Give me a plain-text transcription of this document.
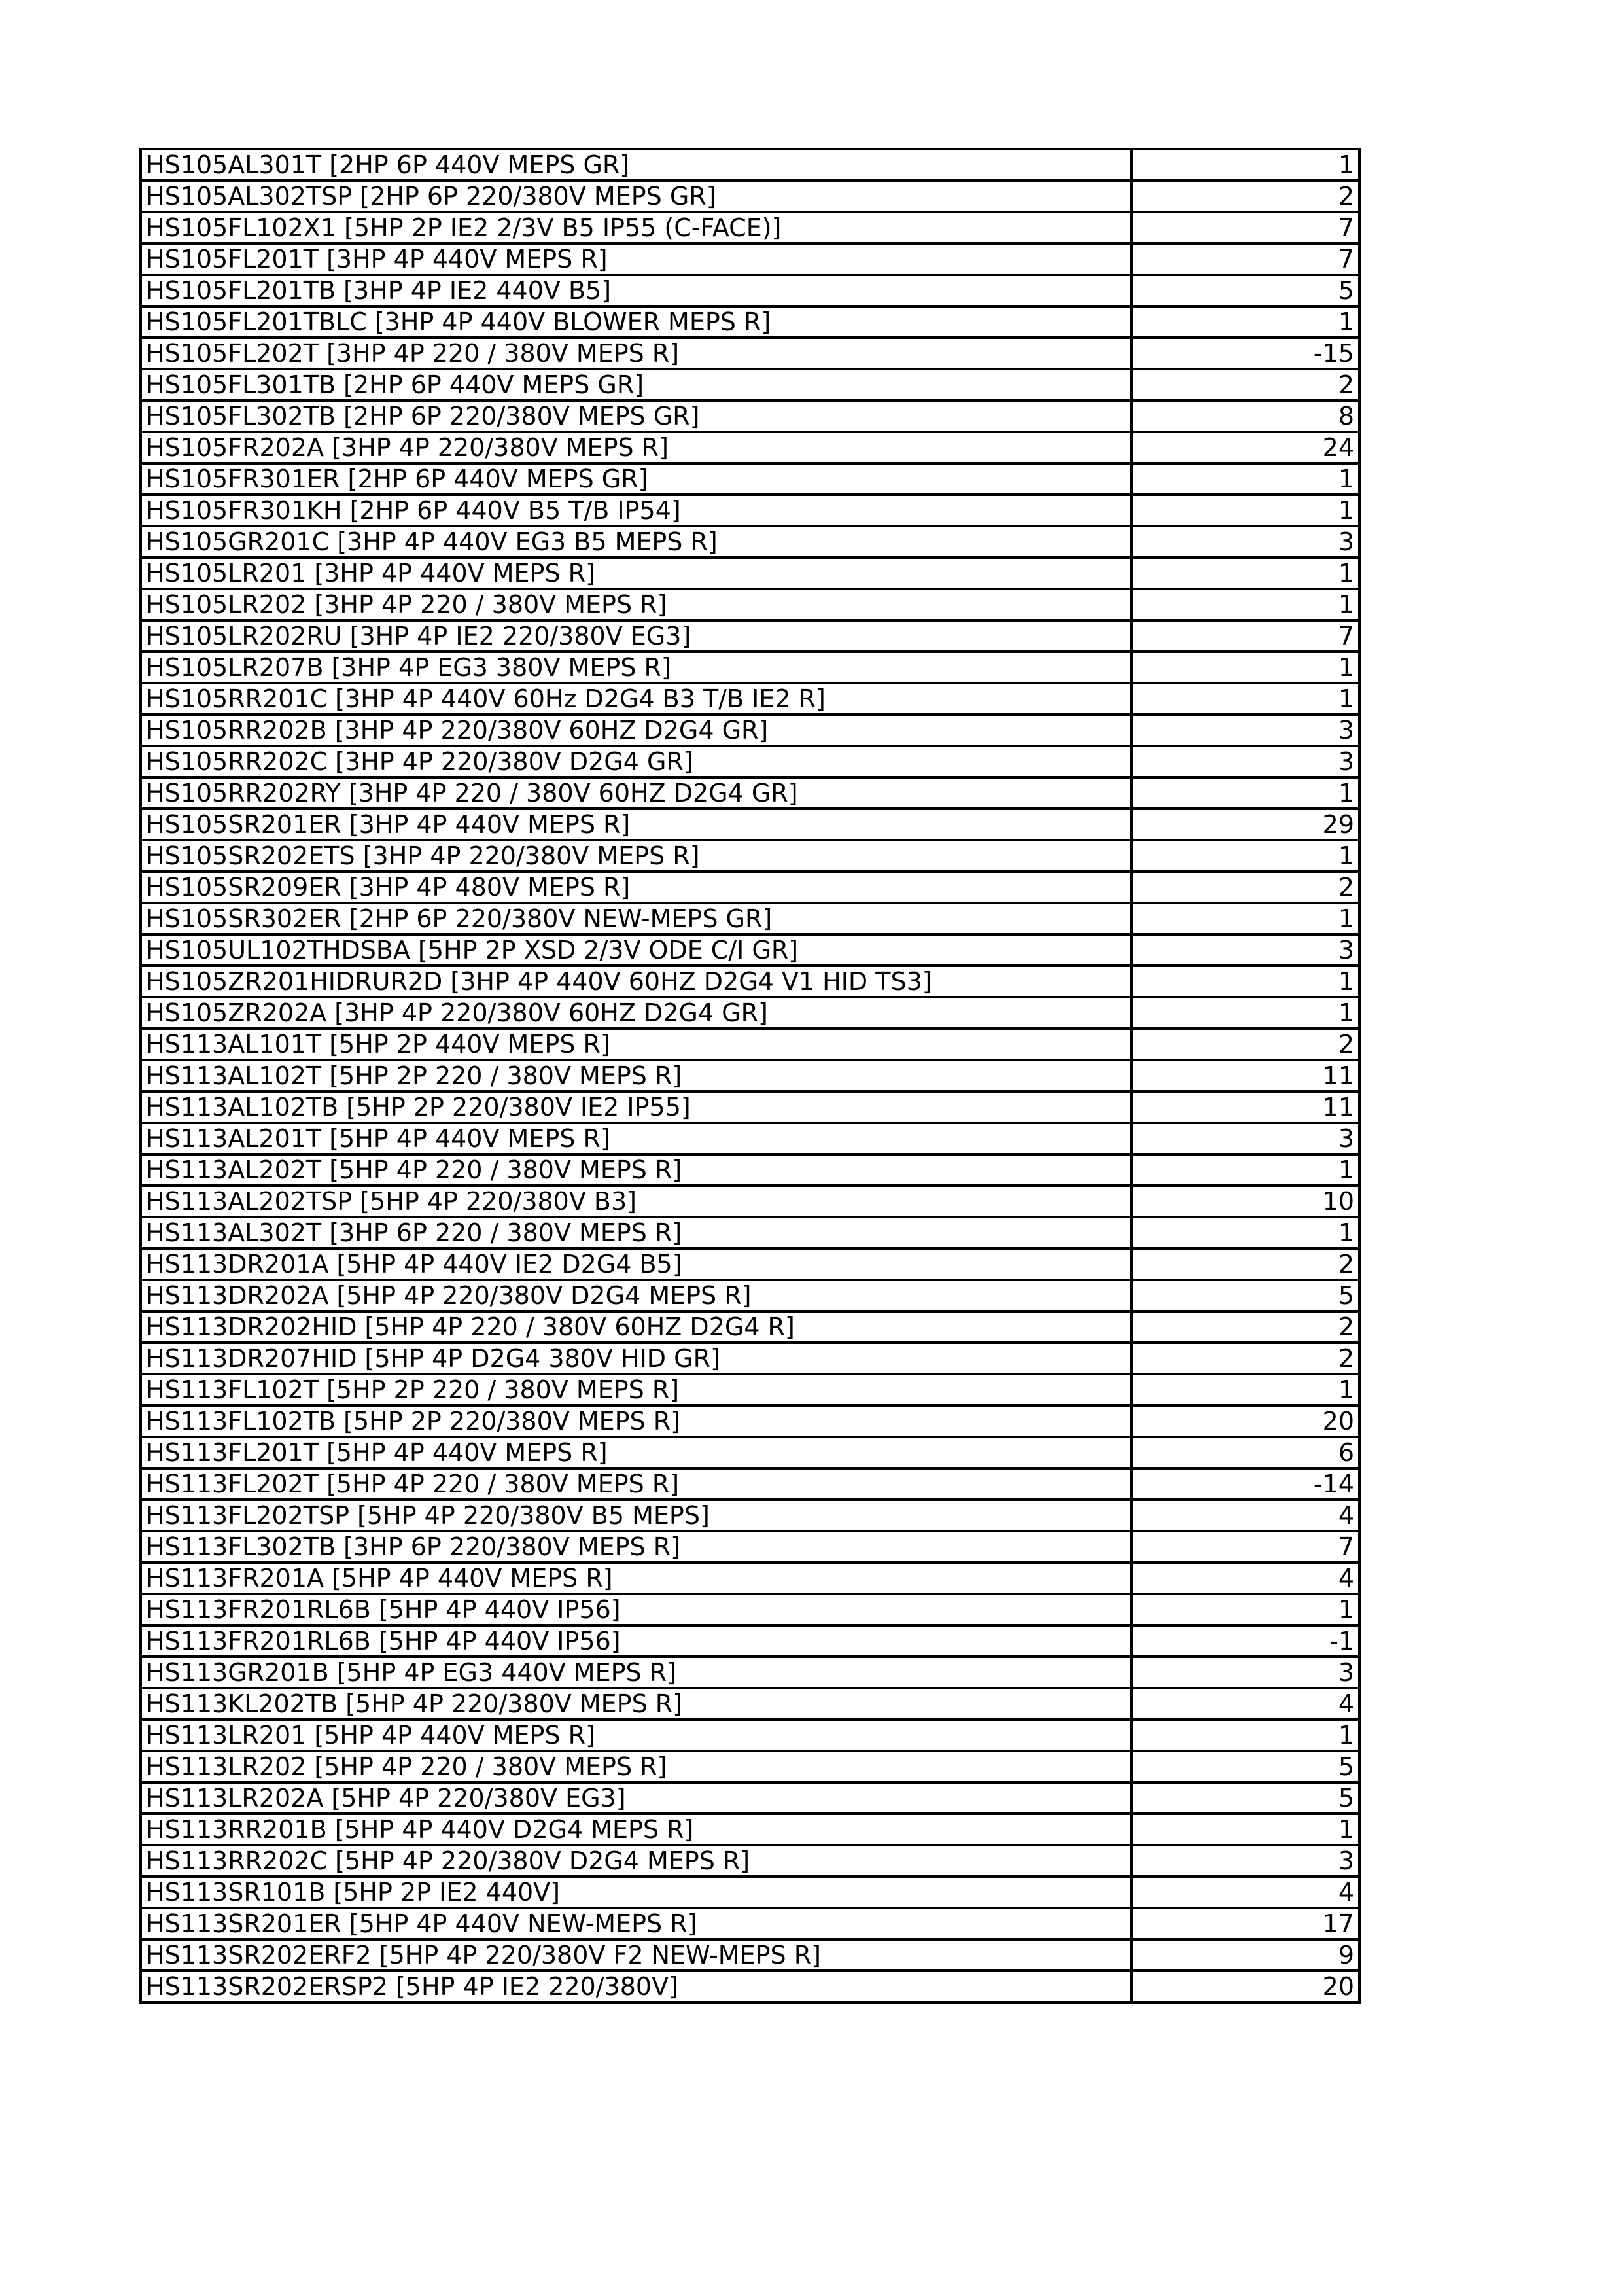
HS105AL301T [2HP 6P 440V MEPS GR]	1
HS105AL302TSP [2HP 6P 220/380V MEPS GR]	2
HS105FL102X1 [5HP 2P IE2 2/3V B5 IP55 (C-FACE)]	7
HS105FL201T [3HP 4P 440V MEPS R]	7
HS105FL201TB [3HP 4P IE2 440V B5]	5
HS105FL201TBLC [3HP 4P 440V BLOWER MEPS R]	1
HS105FL202T [3HP 4P 220 / 380V MEPS R]	-15
HS105FL301TB [2HP 6P 440V MEPS GR]	2
HS105FL302TB [2HP 6P 220/380V MEPS GR]	8
HS105FR202A [3HP 4P 220/380V MEPS R]	24
HS105FR301ER [2HP 6P 440V MEPS GR]	1
HS105FR301KH [2HP 6P 440V B5 T/B IP54]	1
HS105GR201C [3HP 4P 440V EG3 B5 MEPS R]	3
HS105LR201 [3HP 4P 440V MEPS R]	1
HS105LR202 [3HP 4P 220 / 380V MEPS R]	1
HS105LR202RU [3HP 4P IE2 220/380V EG3]	7
HS105LR207B [3HP 4P EG3 380V MEPS R]	1
HS105RR201C [3HP 4P 440V 60Hz D2G4 B3 T/B IE2 R]	1
HS105RR202B [3HP 4P 220/380V 60HZ D2G4 GR]	3
HS105RR202C [3HP 4P 220/380V D2G4 GR]	3
HS105RR202RY [3HP 4P 220 / 380V 60HZ D2G4 GR]	1
HS105SR201ER [3HP 4P 440V MEPS R]	29
HS105SR202ETS [3HP 4P 220/380V MEPS R]	1
HS105SR209ER [3HP 4P 480V MEPS R]	2
HS105SR302ER [2HP 6P 220/380V NEW-MEPS GR]	1
HS105UL102THDSBA [5HP 2P XSD 2/3V ODE C/I GR]	3
HS105ZR201HIDRUR2D [3HP 4P 440V 60HZ D2G4 V1 HID TS3]	1
HS105ZR202A [3HP 4P 220/380V 60HZ D2G4 GR]	1
HS113AL101T [5HP 2P 440V MEPS R]	2
HS113AL102T [5HP 2P 220 / 380V MEPS R]	11
HS113AL102TB [5HP 2P 220/380V IE2 IP55]	11
HS113AL201T [5HP 4P 440V MEPS R]	3
HS113AL202T [5HP 4P 220 / 380V MEPS R]	1
HS113AL202TSP [5HP 4P 220/380V B3]	10
HS113AL302T [3HP 6P 220 / 380V MEPS R]	1
HS113DR201A [5HP 4P 440V IE2 D2G4 B5]	2
HS113DR202A [5HP 4P 220/380V D2G4 MEPS R]	5
HS113DR202HID [5HP 4P 220 / 380V 60HZ D2G4 R]	2
HS113DR207HID [5HP 4P D2G4 380V HID GR]	2
HS113FL102T [5HP 2P 220 / 380V MEPS R]	1
HS113FL102TB [5HP 2P 220/380V MEPS R]	20
HS113FL201T [5HP 4P 440V MEPS R]	6
HS113FL202T [5HP 4P 220 / 380V MEPS R]	-14
HS113FL202TSP [5HP 4P 220/380V B5 MEPS]	4
HS113FL302TB [3HP 6P 220/380V MEPS R]	7
HS113FR201A [5HP 4P 440V MEPS R]	4
HS113FR201RL6B [5HP 4P 440V IP56]	1
HS113FR201RL6B [5HP 4P 440V IP56]	-1
HS113GR201B [5HP 4P EG3 440V MEPS R]	3
HS113KL202TB [5HP 4P 220/380V MEPS R]	4
HS113LR201 [5HP 4P 440V MEPS R]	1
HS113LR202 [5HP 4P 220 / 380V MEPS R]	5
HS113LR202A [5HP 4P 220/380V EG3]	5
HS113RR201B [5HP 4P 440V D2G4 MEPS R]	1
HS113RR202C [5HP 4P 220/380V D2G4 MEPS R]	3
HS113SR101B [5HP 2P IE2 440V]	4
HS113SR201ER [5HP 4P 440V NEW-MEPS R]	17
HS113SR202ERF2 [5HP 4P 220/380V F2 NEW-MEPS R]	9
HS113SR202ERSP2 [5HP 4P IE2 220/380V]	20
